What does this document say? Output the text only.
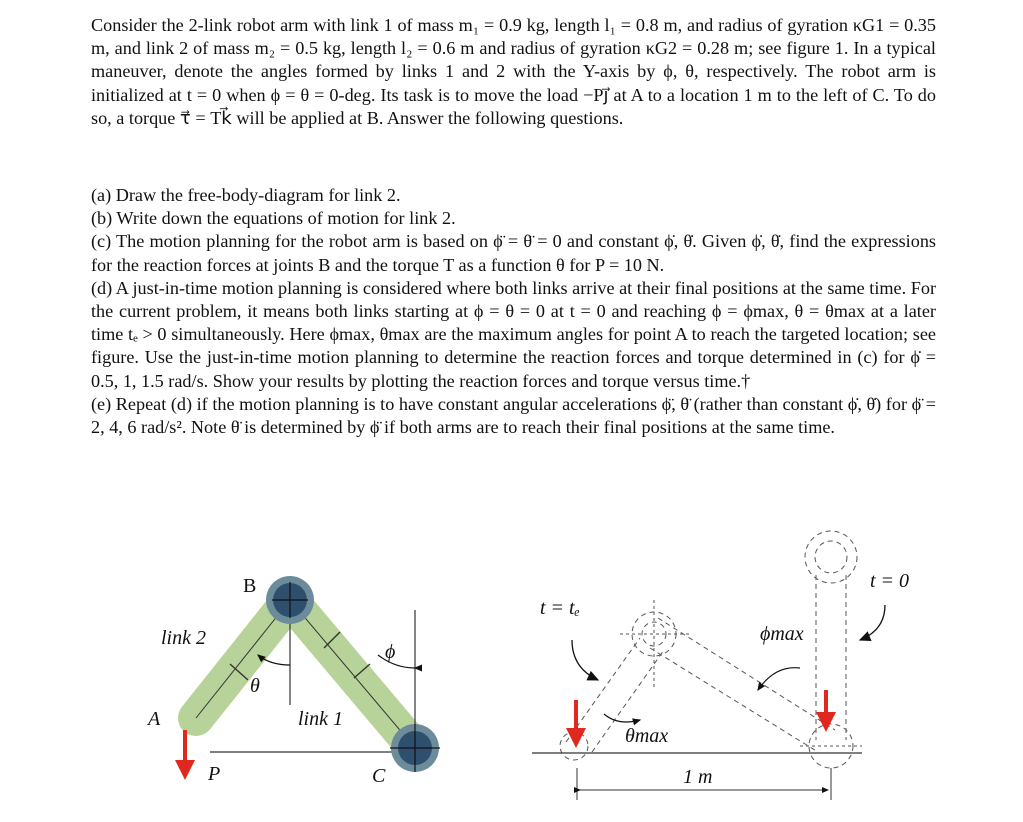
Consider the 2-link robot arm with link 1 of mass m₁ = 0.9 kg, length l₁ = 0.8 m, and radius of gyration κG1 = 0.35 m, and link 2 of mass m₂ = 0.5 kg, length l₂ = 0.6 m and radius of gyration κG2 = 0.28 m; see figure 1. In a typical maneuver, denote the angles formed by links 1 and 2 with the Y-axis by ϕ, θ, respectively. The robot arm is initialized at t = 0 when ϕ = θ = 0-deg. Its task is to move the load −Pj⃗ at A to a location 1 m to the left of C. To do so, a torque τ⃗ = Tk⃗ will be applied at B. Answer the following questions.

(a) Draw the free-body-diagram for link 2.

(b) Write down the equations of motion for link 2.

(c) The motion planning for the robot arm is based on ϕ̈ = θ̈ = 0 and constant ϕ̇, θ̇. Given ϕ̇, θ̇, find the expressions for the reaction forces at joints B and the torque T as a function θ for P = 10 N.

(d) A just-in-time motion planning is considered where both links arrive at their final positions at the same time. For the current problem, it means both links starting at ϕ = θ = 0 at t = 0 and reaching ϕ = ϕmax, θ = θmax at a later time tₑ > 0 simultaneously. Here ϕmax, θmax are the maximum angles for point A to reach the targeted location; see figure. Use the just-in-time motion planning to determine the reaction forces and torque determined in (c) for ϕ̇ = 0.5, 1, 1.5 rad/s. Show your results by plotting the reaction forces and torque versus time.†

(e) Repeat (d) if the motion planning is to have constant angular accelerations ϕ̈, θ̈ (rather than constant ϕ̇, θ̇) for ϕ̈ = 2, 4, 6 rad/s². Note θ̈ is determined by ϕ̈ if both arms are to reach their final positions at the same time.

B
link 2
θ
ϕ
A	link 1
P	C
t = tₑ
t = 0
ϕmax
θmax
1 m
